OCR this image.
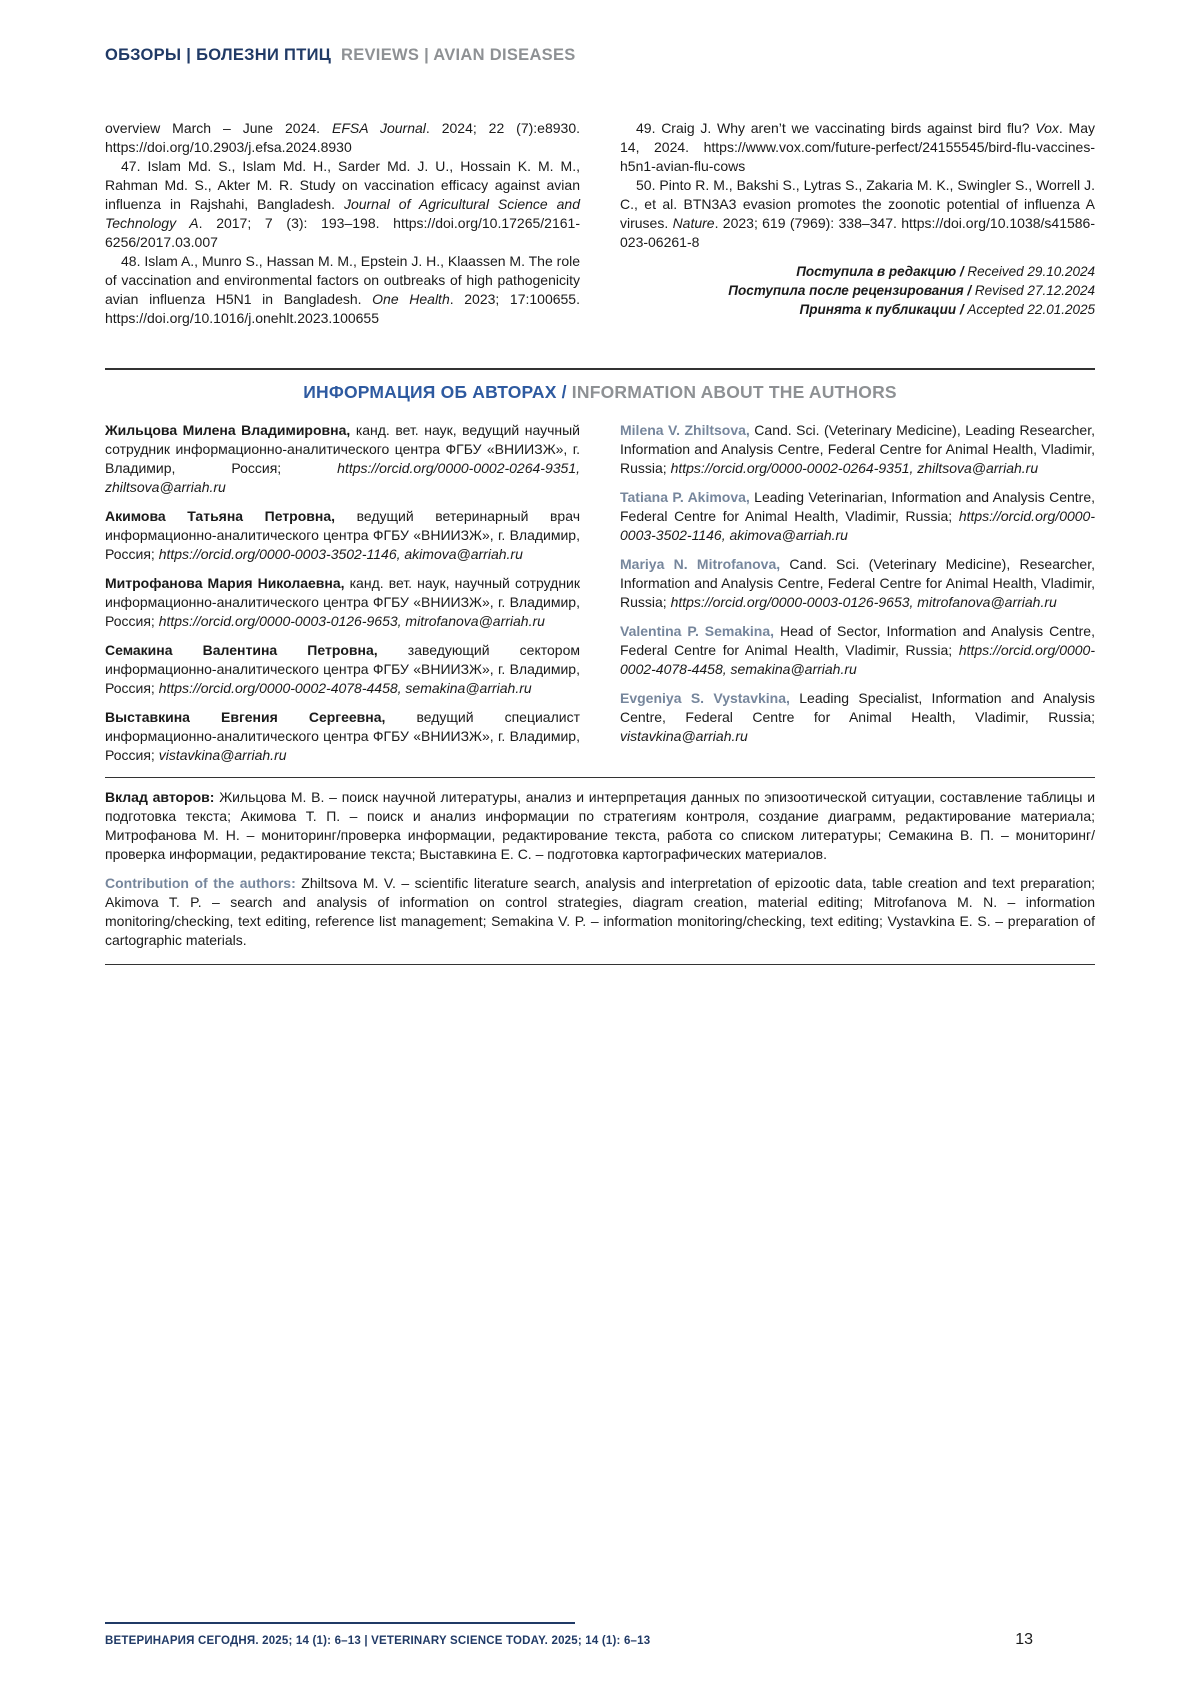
ОБЗОРЫ | БОЛЕЗНИ ПТИЦ REVIEWS | AVIAN DISEASES

overview March – June 2024. EFSA Journal. 2024; 22 (7):e8930. https://doi.org/10.2903/j.efsa.2024.8930

47. Islam Md. S., Islam Md. H., Sarder Md. J. U., Hossain K. M. M., Rahman Md. S., Akter M. R. Study on vaccination efficacy against avian influenza in Rajshahi, Bangladesh. Journal of Agricultural Science and Technology A. 2017; 7 (3): 193–198. https://doi.org/10.17265/2161-6256/2017.03.007

48. Islam A., Munro S., Hassan M. M., Epstein J. H., Klaassen M. The role of vaccination and environmental factors on outbreaks of high pathogenicity avian influenza H5N1 in Bangladesh. One Health. 2023; 17:100655. https://doi.org/10.1016/j.onehlt.2023.100655

49. Craig J. Why aren’t we vaccinating birds against bird flu? Vox. May 14, 2024. https://www.vox.com/future-perfect/24155545/bird-flu-vaccines-h5n1-avian-flu-cows

50. Pinto R. M., Bakshi S., Lytras S., Zakaria M. K., Swingler S., Worrell J. C., et al. BTN3A3 evasion promotes the zoonotic potential of influenza A viruses. Nature. 2023; 619 (7969): 338–347. https://doi.org/10.1038/s41586-023-06261-8

Поступила в редакцию / Received 29.10.2024

Поступила после рецензирования / Revised 27.12.2024

Принята к публикации / Accepted 22.01.2025

ИНФОРМАЦИЯ ОБ АВТОРАХ / INFORMATION ABOUT THE AUTHORS

Жильцова Милена Владимировна, канд. вет. наук, ведущий научный сотрудник информационно-аналитического центра ФГБУ «ВНИИЗЖ», г. Владимир, Россия; https://orcid.org/0000-0002-0264-9351, zhiltsova@arriah.ru

Акимова Татьяна Петровна, ведущий ветеринарный врач информационно-аналитического центра ФГБУ «ВНИИЗЖ», г. Владимир, Россия; https://orcid.org/0000-0003-3502-1146, akimova@arriah.ru

Митрофанова Мария Николаевна, канд. вет. наук, научный сотрудник информационно-аналитического центра ФГБУ «ВНИИЗЖ», г. Владимир, Россия; https://orcid.org/0000-0003-0126-9653, mitrofanova@arriah.ru

Семакина Валентина Петровна, заведующий сектором информационно-аналитического центра ФГБУ «ВНИИЗЖ», г. Владимир, Россия; https://orcid.org/0000-0002-4078-4458, semakina@arriah.ru

Выставкина Евгения Сергеевна, ведущий специалист информационно-аналитического центра ФГБУ «ВНИИЗЖ», г. Владимир, Россия; vistavkina@arriah.ru

Milena V. Zhiltsova, Cand. Sci. (Veterinary Medicine), Leading Researcher, Information and Analysis Centre, Federal Centre for Animal Health, Vladimir, Russia; https://orcid.org/0000-0002-0264-9351, zhiltsova@arriah.ru

Tatiana P. Akimova, Leading Veterinarian, Information and Analysis Centre, Federal Centre for Animal Health, Vladimir, Russia; https://orcid.org/0000-0003-3502-1146, akimova@arriah.ru

Mariya N. Mitrofanova, Cand. Sci. (Veterinary Medicine), Researcher, Information and Analysis Centre, Federal Centre for Animal Health, Vladimir, Russia; https://orcid.org/0000-0003-0126-9653, mitrofanova@arriah.ru

Valentina P. Semakina, Head of Sector, Information and Analysis Centre, Federal Centre for Animal Health, Vladimir, Russia; https://orcid.org/0000-0002-4078-4458, semakina@arriah.ru

Evgeniya S. Vystavkina, Leading Specialist, Information and Analysis Centre, Federal Centre for Animal Health, Vladimir, Russia; vistavkina@arriah.ru

Вклад авторов: Жильцова М. В. – поиск научной литературы, анализ и интерпретация данных по эпизоотической ситуации, составление таблицы и подготовка текста; Акимова Т. П. – поиск и анализ информации по стратегиям контроля, создание диаграмм, редактирование материала; Митрофанова М. Н. – мониторинг/проверка информации, редактирование текста, работа со списком литературы; Семакина В. П. – мониторинг/проверка информации, редактирование текста; Выставкина Е. С. – подготовка картографических материалов.

Contribution of the authors: Zhiltsova M. V. – scientific literature search, analysis and interpretation of epizootic data, table creation and text preparation; Akimova T. P. – search and analysis of information on control strategies, diagram creation, material editing; Mitrofanova M. N. – information monitoring/checking, text editing, reference list management; Semakina V. P. – information monitoring/checking, text editing; Vystavkina E. S. – preparation of cartographic materials.

ВЕТЕРИНАРИЯ СЕГОДНЯ. 2025; 14 (1): 6–13 | VETERINARY SCIENCE TODAY. 2025; 14 (1): 6–13	13
